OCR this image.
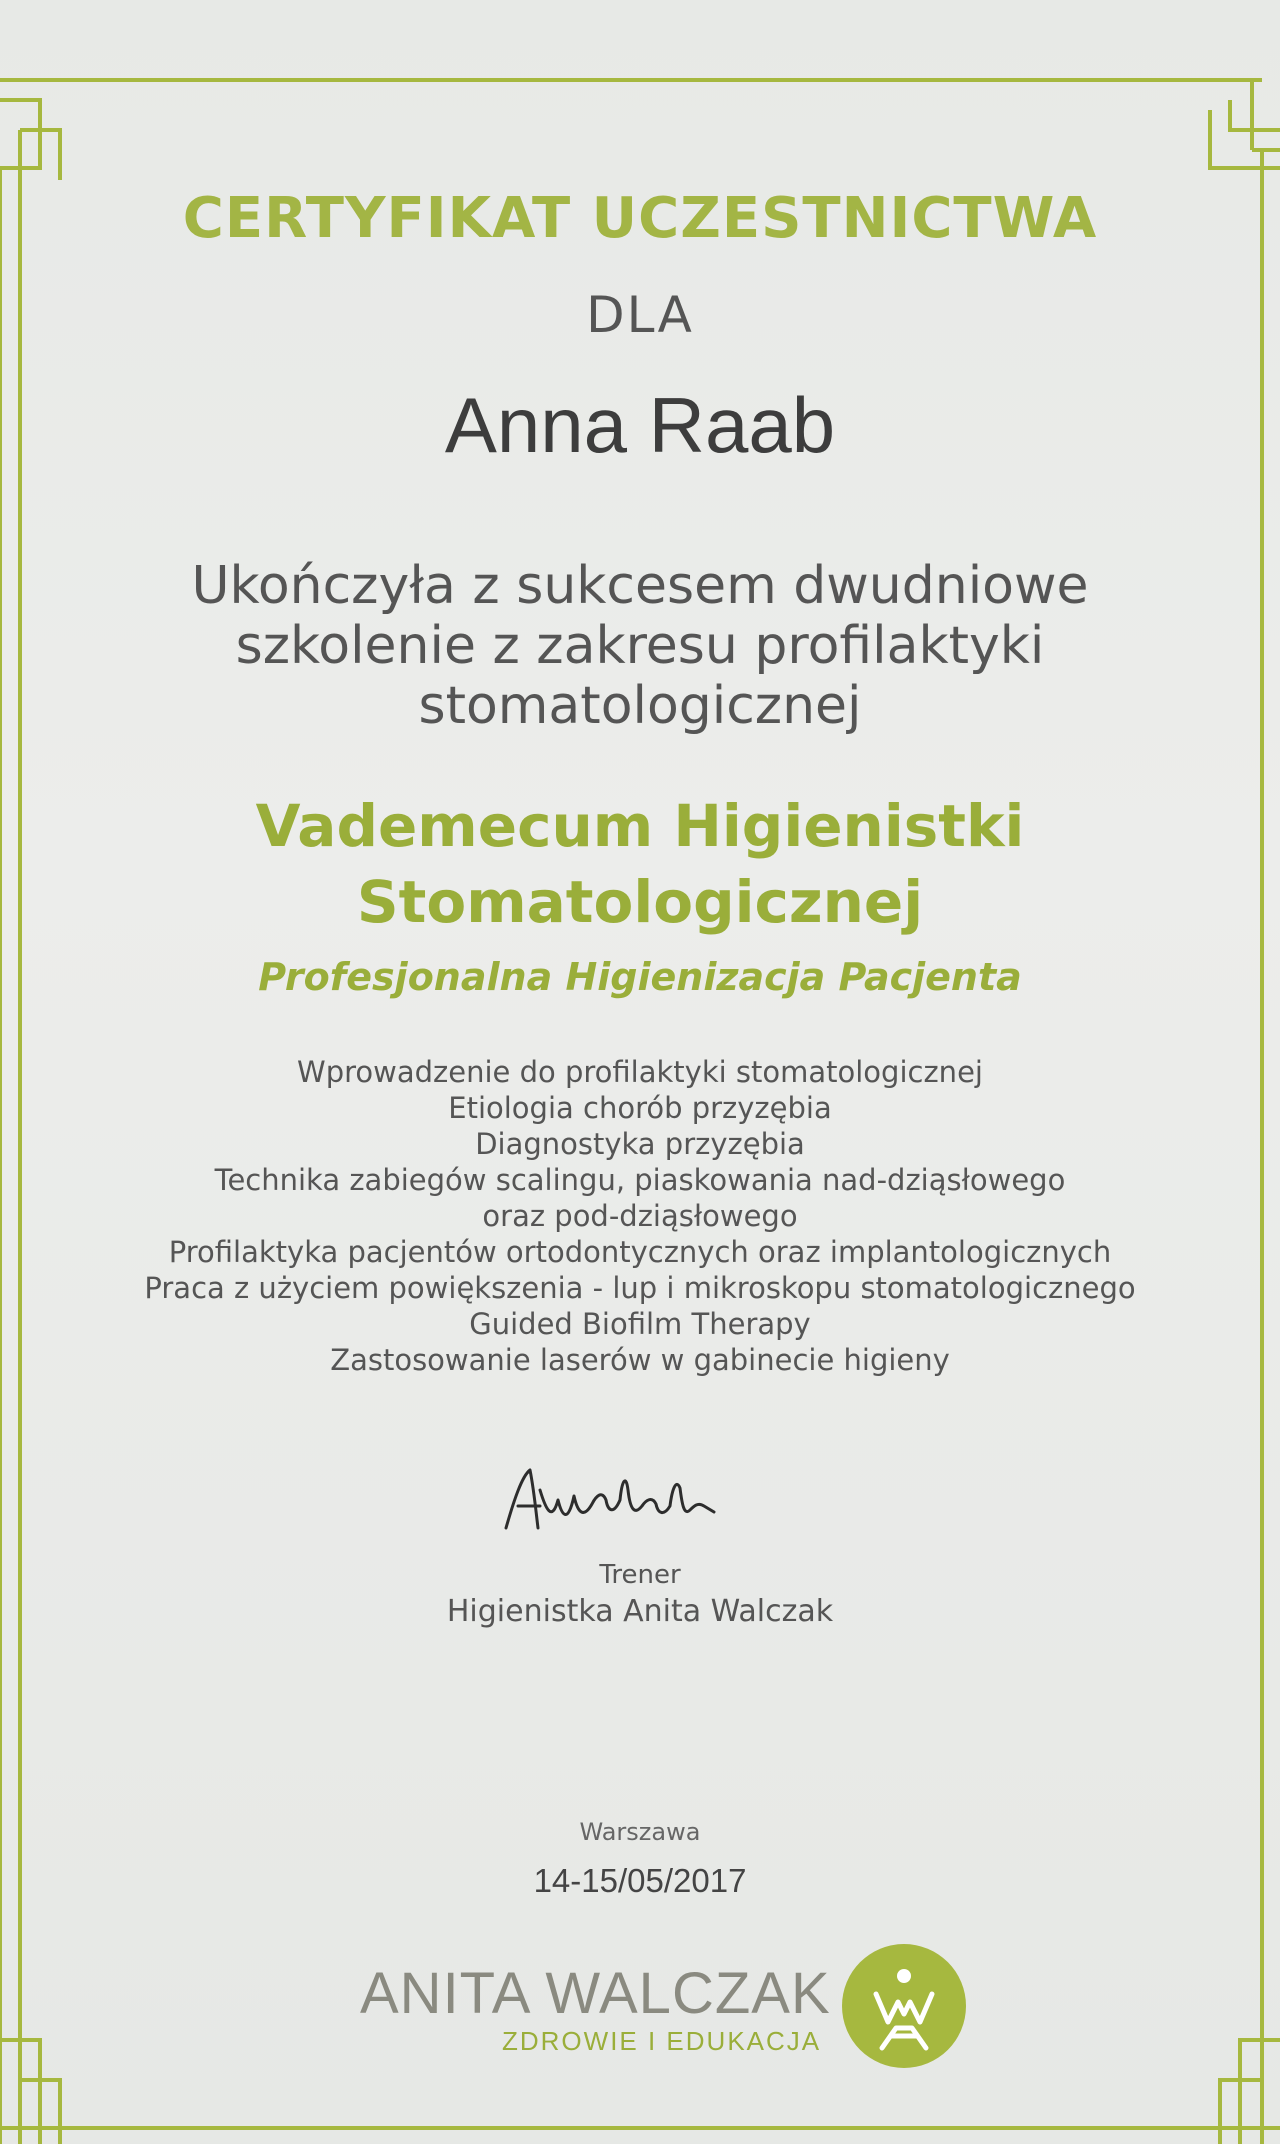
CERTYFIKAT UCZESTNICTWA
DLA
Anna Raab
Ukończyła z sukcesem dwudniowe
szkolenie z zakresu profilaktyki
stomatologicznej
Vademecum Higienistki
Stomatologicznej
Profesjonalna Higienizacja Pacjenta
Wprowadzenie do profilaktyki stomatologicznej
Etiologia chorób przyzębia
Diagnostyka przyzębia
Technika zabiegów scalingu, piaskowania nad-dziąsłowego
oraz pod-dziąsłowego
Profilaktyka pacjentów ortodontycznych oraz implantologicznych
Praca z użyciem powiększenia - lup i mikroskopu stomatologicznego
Guided Biofilm Therapy
Zastosowanie laserów w gabinecie higieny
Trener
Higienistka Anita Walczak
Warszawa
14-15/05/2017
ANITA WALCZAK
ZDROWIE I EDUKACJA
